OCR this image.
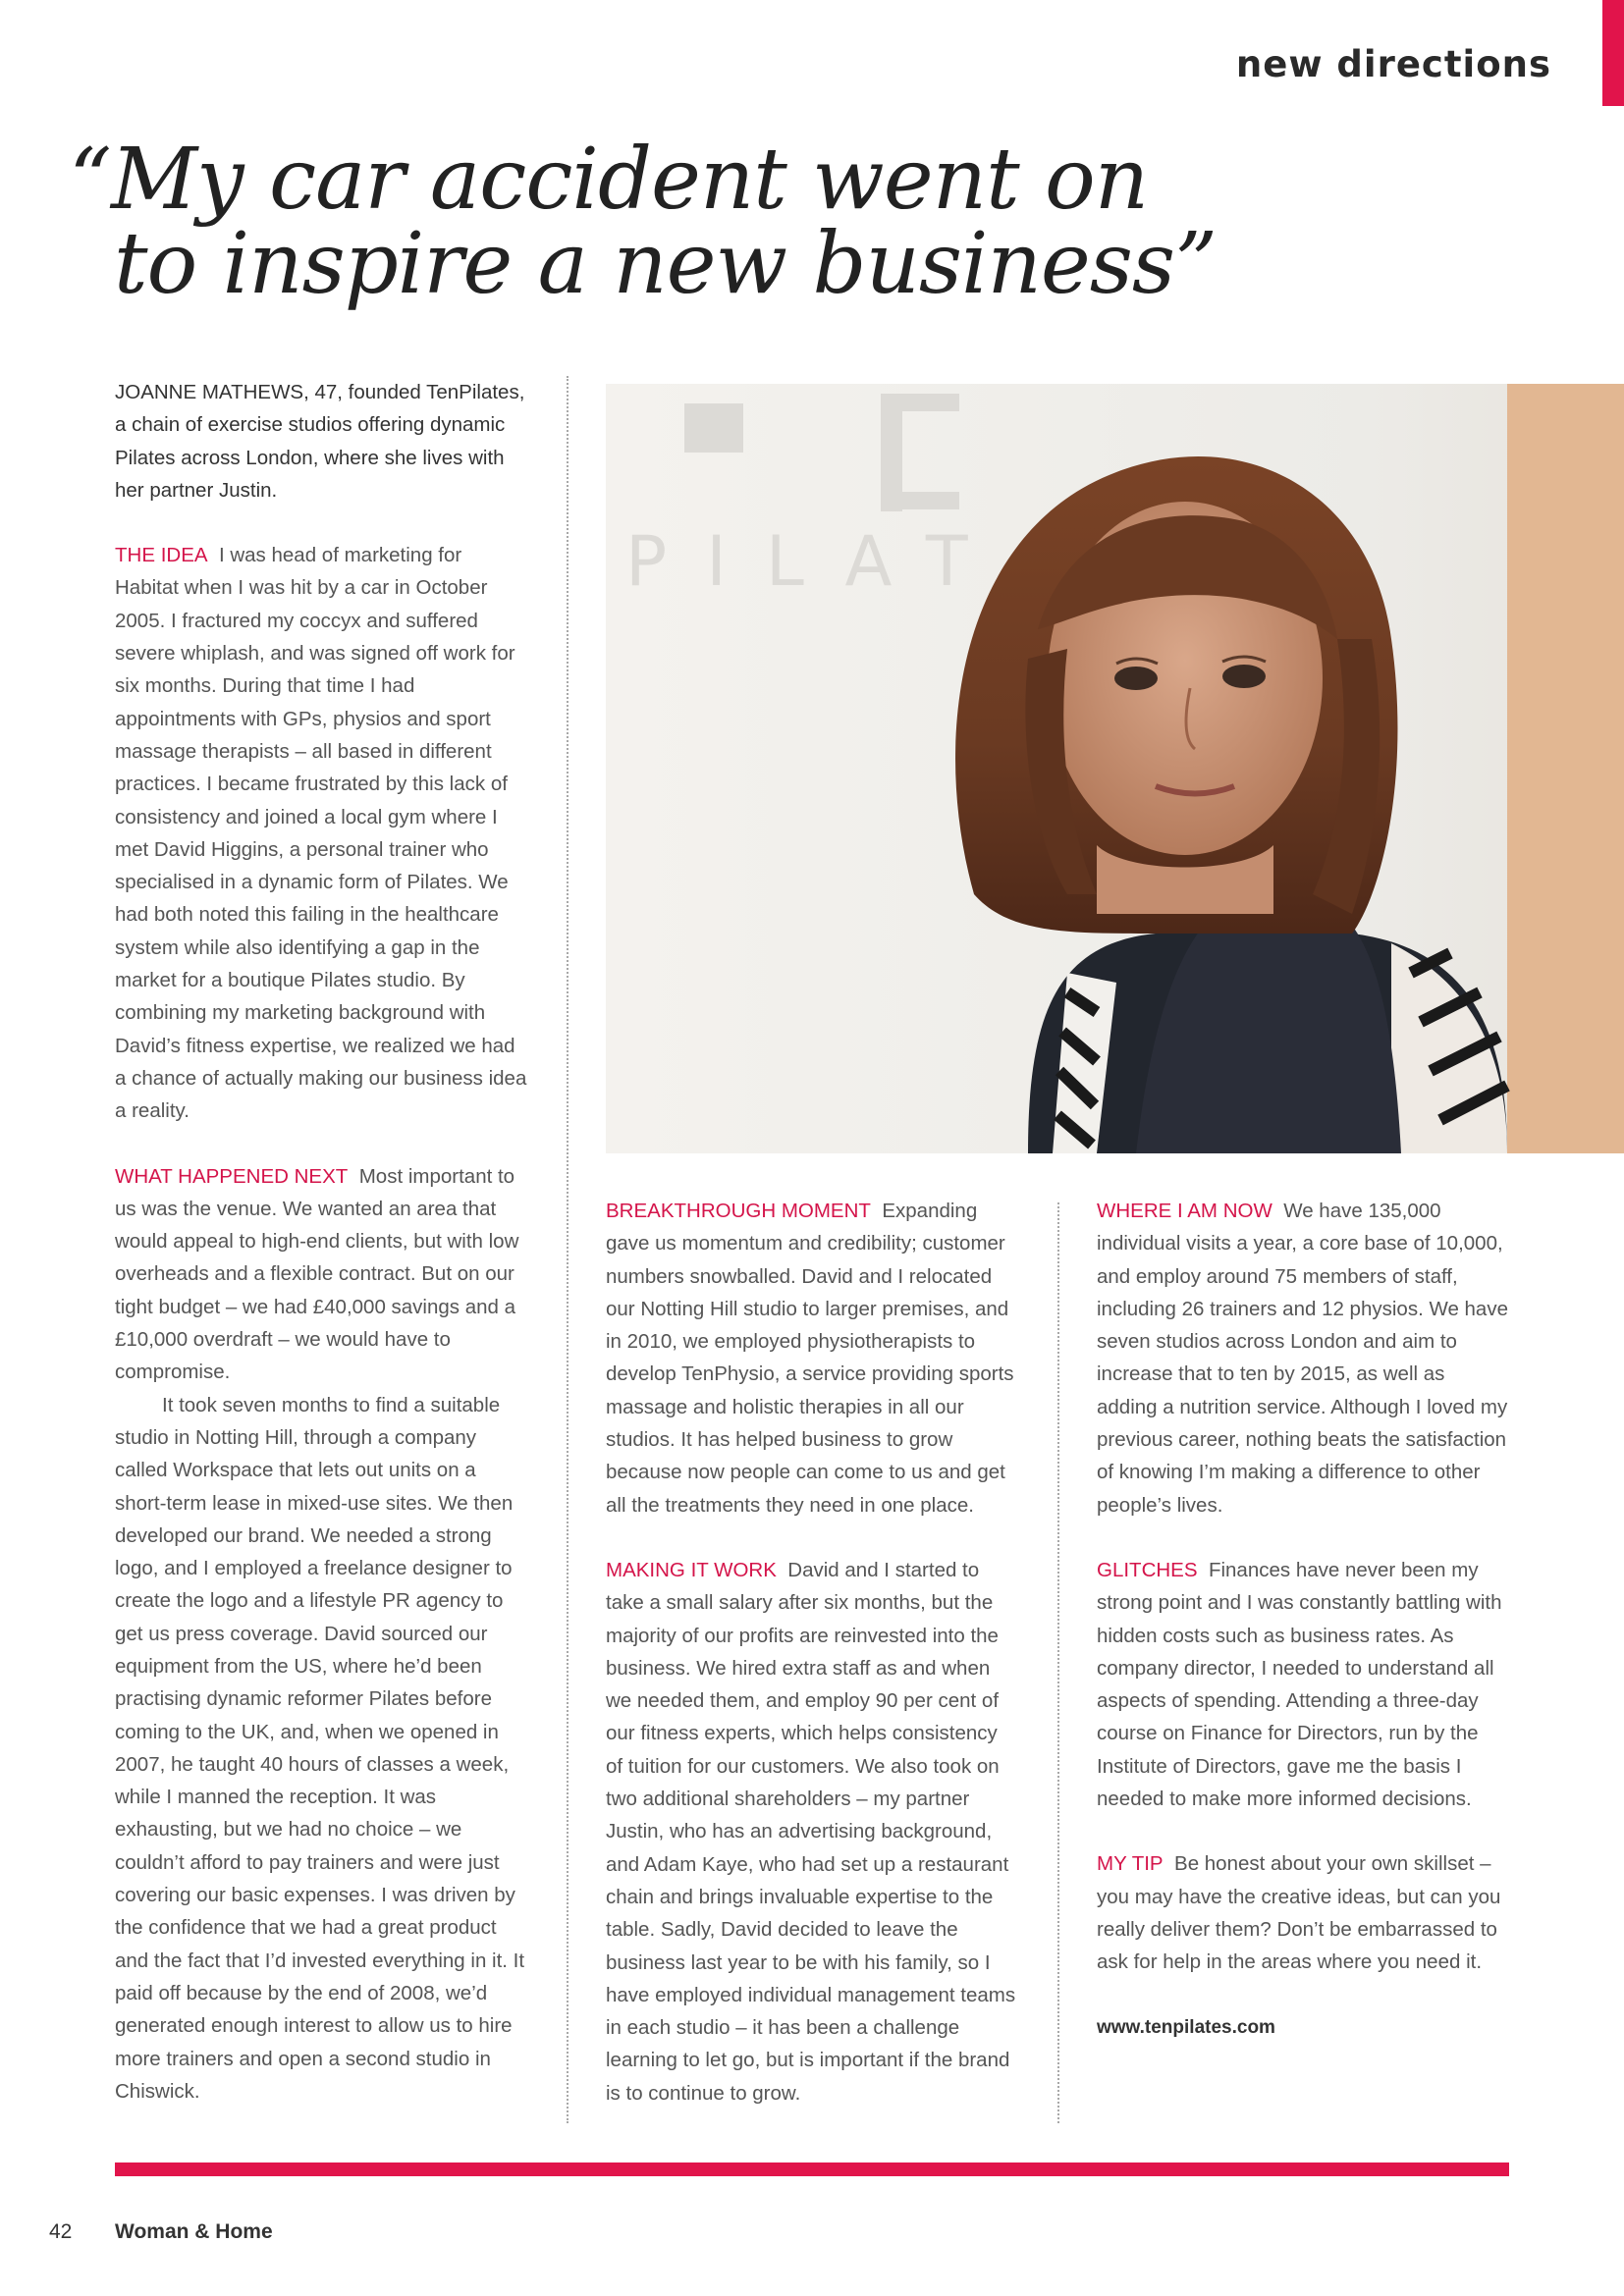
new directions
“My car accident went on
to inspire a new business”
PILAT

JOANNE MATHEWS, 47, founded TenPilates, a chain of exercise studios offering dynamic Pilates across London, where she lives with her partner Justin.

THE IDEA I was head of marketing for Habitat when I was hit by a car in October 2005. I fractured my coccyx and suffered severe whiplash, and was signed off work for six months. During that time I had appointments with GPs, physios and sport massage therapists – all based in different practices. I became frustrated by this lack of consistency and joined a local gym where I met David Higgins, a personal trainer who specialised in a dynamic form of Pilates. We had both noted this failing in the healthcare system while also identifying a gap in the market for a boutique Pilates studio. By combining my marketing background with David’s fitness expertise, we realized we had a chance of actually making our business idea a reality.

WHAT HAPPENED NEXT Most important to us was the venue. We wanted an area that would appeal to high-end clients, but with low overheads and a flexible contract. But on our tight budget – we had £40,000 savings and a £10,000 overdraft – we would have to compromise.

It took seven months to find a suitable studio in Notting Hill, through a company called Workspace that lets out units on a short-term lease in mixed-use sites. We then developed our brand. We needed a strong logo, and I employed a freelance designer to create the logo and a lifestyle PR agency to get us press coverage. David sourced our equipment from the US, where he’d been practising dynamic reformer Pilates before coming to the UK, and, when we opened in 2007, he taught 40 hours of classes a week, while I manned the reception. It was exhausting, but we had no choice – we couldn’t afford to pay trainers and were just covering our basic expenses. I was driven by the confidence that we had a great product and the fact that I’d invested everything in it. It paid off because by the end of 2008, we’d generated enough interest to allow us to hire more trainers and open a second studio in Chiswick.

BREAKTHROUGH MOMENT Expanding gave us momentum and credibility; customer numbers snowballed. David and I relocated our Notting Hill studio to larger premises, and in 2010, we employed physiotherapists to develop TenPhysio, a service providing sports massage and holistic therapies in all our studios. It has helped business to grow because now people can come to us and get all the treatments they need in one place.

MAKING IT WORK David and I started to take a small salary after six months, but the majority of our profits are reinvested into the business. We hired extra staff as and when we needed them, and employ 90 per cent of our fitness experts, which helps consistency of tuition for our customers. We also took on two additional shareholders – my partner Justin, who has an advertising background, and Adam Kaye, who had set up a restaurant chain and brings invaluable expertise to the table. Sadly, David decided to leave the business last year to be with his family, so I have employed individual management teams in each studio – it has been a challenge learning to let go, but is important if the brand is to continue to grow.

WHERE I AM NOW We have 135,000 individual visits a year, a core base of 10,000, and employ around 75 members of staff, including 26 trainers and 12 physios. We have seven studios across London and aim to increase that to ten by 2015, as well as adding a nutrition service. Although I loved my previous career, nothing beats the satisfaction of knowing I’m making a difference to other people’s lives.

GLITCHES Finances have never been my strong point and I was constantly battling with hidden costs such as business rates. As company director, I needed to understand all aspects of spending. Attending a three-day course on Finance for Directors, run by the Institute of Directors, gave me the basis I needed to make more informed decisions.

MY TIP Be honest about your own skillset – you may have the creative ideas, but can you really deliver them? Don’t be embarrassed to ask for help in the areas where you need it.

www.tenpilates.com

42 Woman & Home
